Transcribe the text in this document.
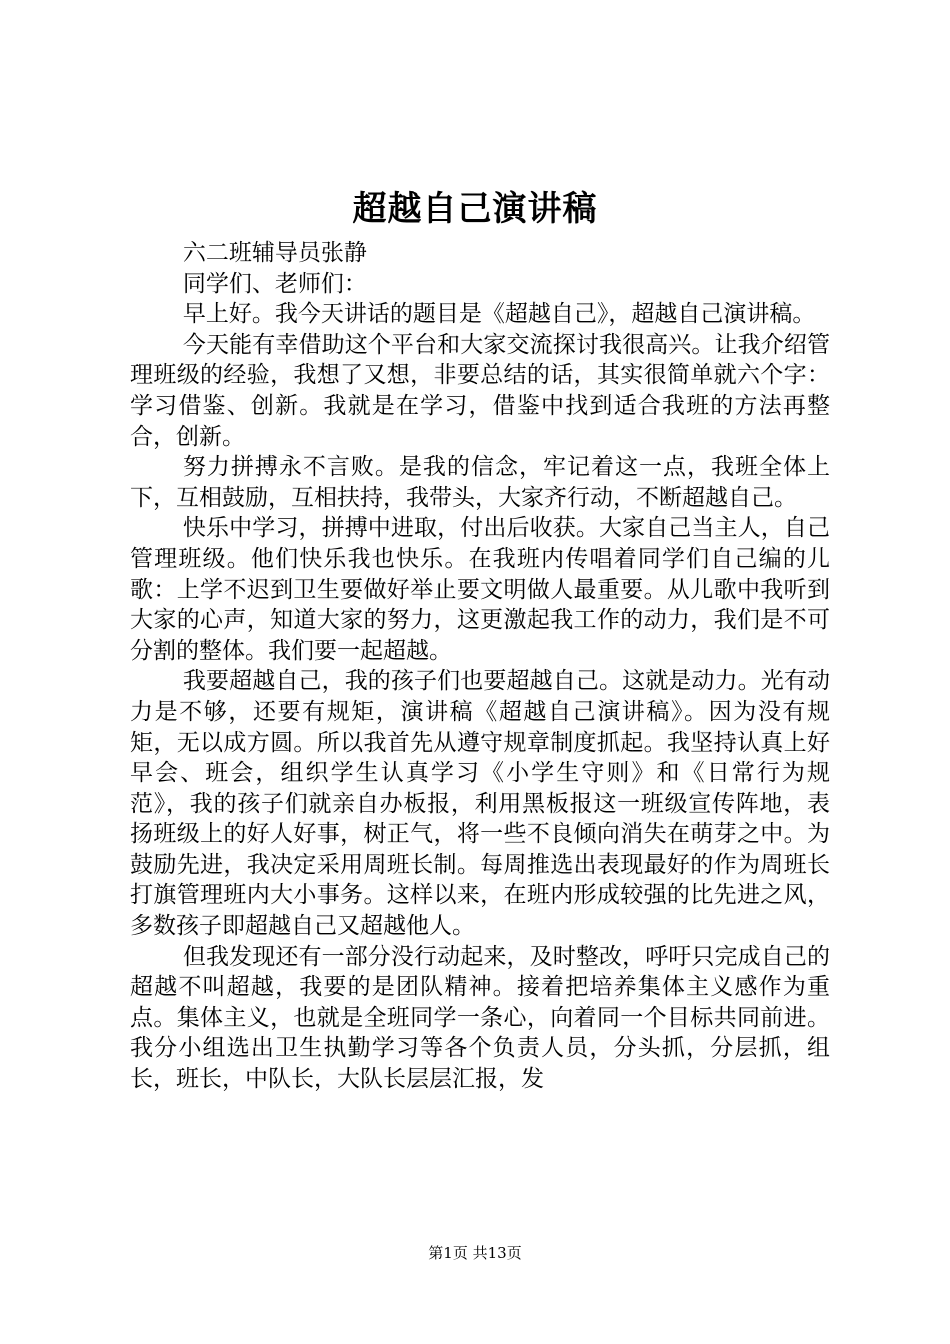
超越自己演讲稿

六二班辅导员张静

同学们、老师们：

早上好。我今天讲话的题目是《超越自己》，超越自己演讲稿。

今天能有幸借助这个平台和大家交流探讨我很高兴。让我介绍管理班级的经验，我想了又想，非要总结的话，其实很简单就六个字：学习借鉴、创新。我就是在学习，借鉴中找到适合我班的方法再整合，创新。

努力拼搏永不言败。是我的信念，牢记着这一点，我班全体上下，互相鼓励，互相扶持，我带头，大家齐行动，不断超越自己。

快乐中学习，拼搏中进取，付出后收获。大家自己当主人，自己管理班级。他们快乐我也快乐。在我班内传唱着同学们自己编的儿歌：上学不迟到卫生要做好举止要文明做人最重要。从儿歌中我听到大家的心声，知道大家的努力，这更激起我工作的动力，我们是不可分割的整体。我们要一起超越。

我要超越自己，我的孩子们也要超越自己。这就是动力。光有动力是不够，还要有规矩，演讲稿《超越自己演讲稿》。因为没有规矩，无以成方圆。所以我首先从遵守规章制度抓起。我坚持认真上好早会、班会，组织学生认真学习《小学生守则》和《日常行为规范》，我的孩子们就亲自办板报，利用黑板报这一班级宣传阵地，表扬班级上的好人好事，树正气，将一些不良倾向消失在萌芽之中。为鼓励先进，我决定采用周班长制。每周推选出表现最好的作为周班长打旗管理班内大小事务。这样以来，在班内形成较强的比先进之风，多数孩子即超越自己又超越他人。

但我发现还有一部分没行动起来，及时整改，呼吁只完成自己的超越不叫超越，我要的是团队精神。接着把培养集体主义感作为重点。集体主义，也就是全班同学一条心，向着同一个目标共同前进。我分小组选出卫生执勤学习等各个负责人员，分头抓，分层抓，组长，班长，中队长，大队长层层汇报，发

第1页 共13页
